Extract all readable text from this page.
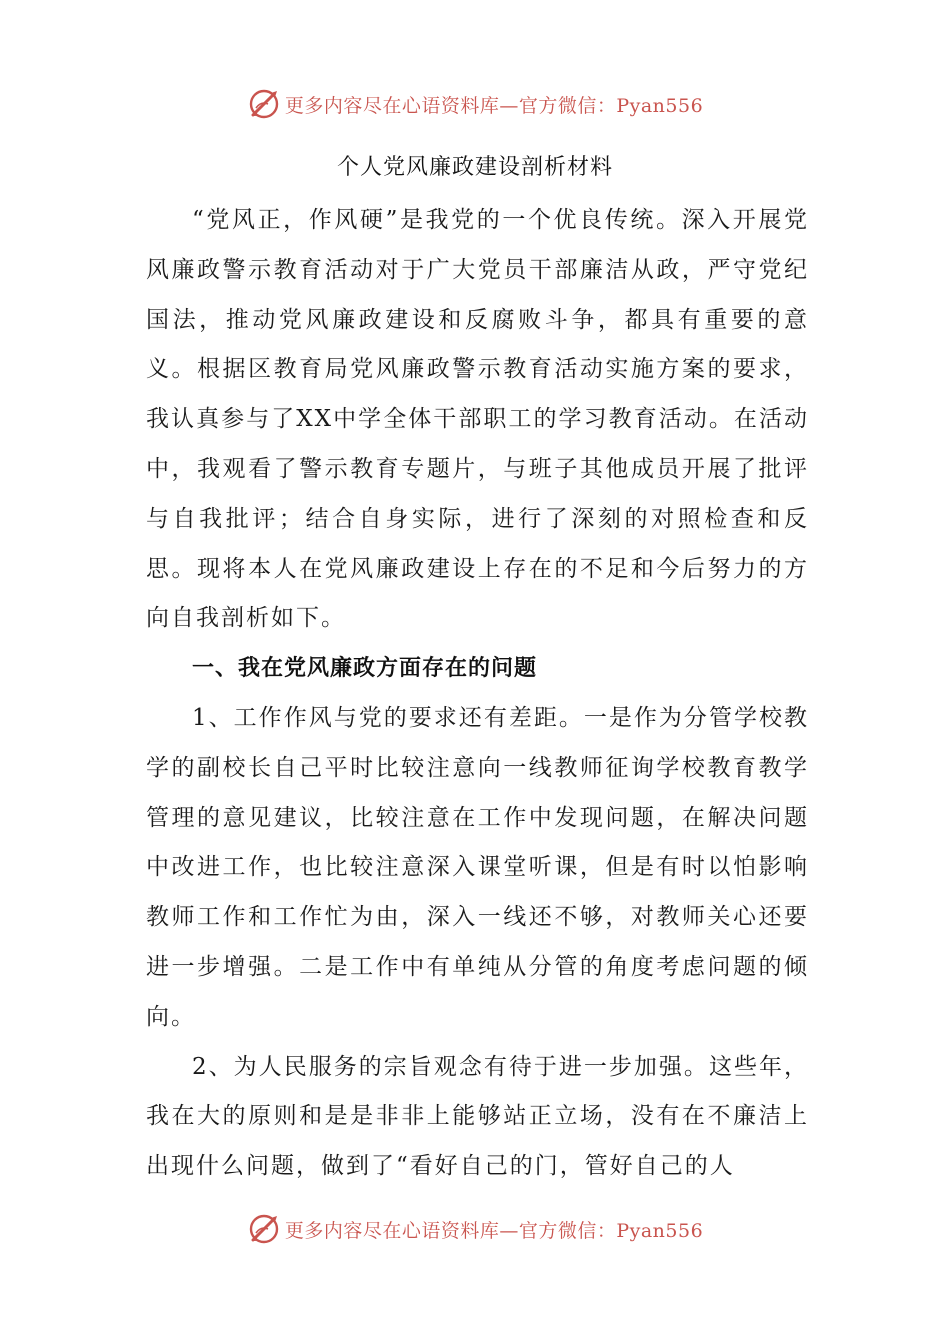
更多内容尽在心语资料库—官方微信：Pyan556
个人党风廉政建设剖析材料

“党风正，作风硬”是我党的一个优良传统。深入开展党风廉政警示教育活动对于广大党员干部廉洁从政，严守党纪国法，推动党风廉政建设和反腐败斗争，都具有重要的意义。根据区教育局党风廉政警示教育活动实施方案的要求，我认真参与了XX中学全体干部职工的学习教育活动。在活动中，我观看了警示教育专题片，与班子其他成员开展了批评与自我批评；结合自身实际，进行了深刻的对照检查和反思。现将本人在党风廉政建设上存在的不足和今后努力的方向自我剖析如下。

一、我在党风廉政方面存在的问题

1、工作作风与党的要求还有差距。一是作为分管学校教学的副校长自己平时比较注意向一线教师征询学校教育教学管理的意见建议，比较注意在工作中发现问题，在解决问题中改进工作，也比较注意深入课堂听课，但是有时以怕影响教师工作和工作忙为由，深入一线还不够，对教师关心还要进一步增强。二是工作中有单纯从分管的角度考虑问题的倾向。

2、为人民服务的宗旨观念有待于进一步加强。这些年，我在大的原则和是是非非上能够站正立场，没有在不廉洁上出现什么问题，做到了“看好自己的门，管好自己的人

更多内容尽在心语资料库—官方微信：Pyan556
